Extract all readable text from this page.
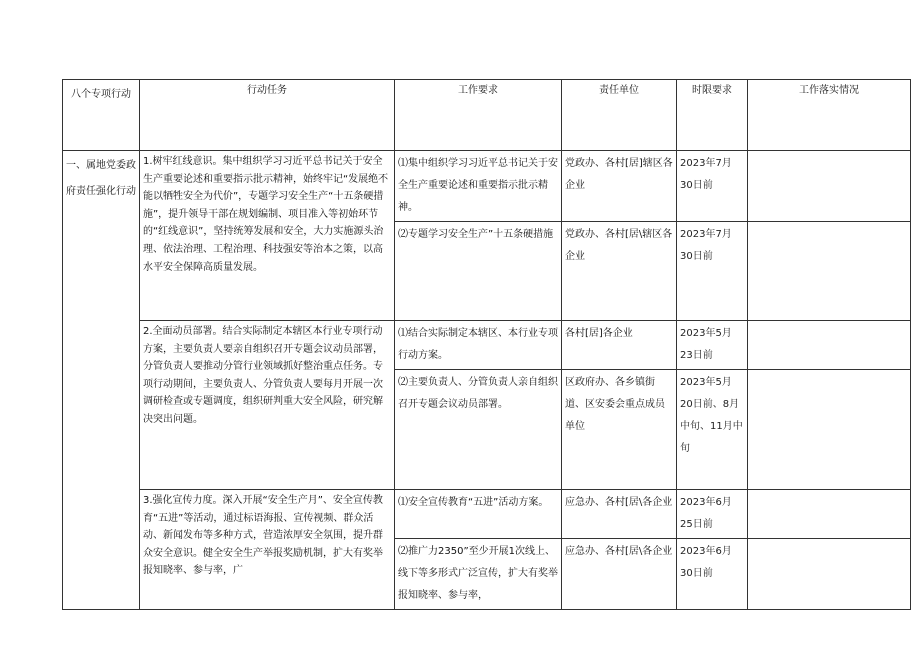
八个专项行动	行动任务	工作要求	责任单位	时限要求	工作落实情况
一、属地党委政府责任强化行动	1.树牢红线意识。集中组织学习习近平总书记关于安全生产重要论述和重要指示批示精神，始终牢记“发展绝不能以牺牲安全为代价”，专题学习安全生产“十五条硬措施”，提升领导干部在规划编制、项目准入等初始环节的“红线意识”，坚持统筹发展和安全，大力实施源头治理、依法治理、工程治理、科技强安等治本之策，以高水平安全保障高质量发展。	⑴集中组织学习习近平总书记关于安全生产重要论述和重要指示批示精神。	党政办、各村[居]辖区各企业	2023年7月30日前	
		⑵专题学习安全生产”十五条硬措施	党政办、各村[居\辖区各企业	2023年7月30日前	
	2.全面动员部署。结合实际制定本辖区本行业专项行动方案，主要负责人要亲自组织召开专题会议动员部署，分管负责人要推动分管行业领域抓好整治重点任务。专项行动期间，主要负责人、分管负责人要每月开展一次调研检查或专题调度，组织研判重大安全风险，研究解决突出问题。	⑴结合实际制定本辖区、本行业专项行动方案。	各村[居]各企业	2023年5月23日前	
		⑵主要负责人、分管负责人亲自组织召开专题会议动员部署。	区政府办、各乡镇街道、区安委会重点成员单位	2023年5月20日前、8月中旬、11月中旬	
	3.强化宣传力度。深入开展“安全生产月”、安全宣传教育“五进”等活动，通过标语海报、宣传视频、群众活动、新闻发布等多种方式，营造浓厚安全氛围，提升群众安全意识。健全安全生产举报奖励机制，扩大有奖举报知晓率、参与率，广	⑴安全宣传教育“五进”活动方案。	应急办、各村[居\各企业	2023年6月25日前	
		⑵推广力2350”至少开展1次线上、线下等多形式广泛宣传，扩大有奖举报知晓率、参与率，	应急办、各村[居\各企业	2023年6月30日前	
